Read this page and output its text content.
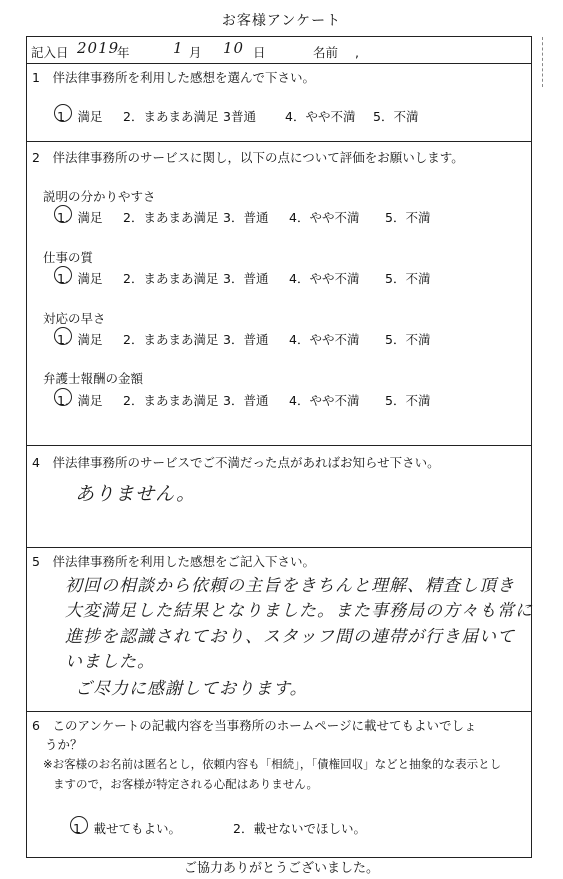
お客様アンケート
記入日 2019
年	1 月 10 日	名前 ,
1　伴法律事務所を利用した感想を選んで下さい。
1　満足 2．まあまあ満足 3普通 4．やや不満 5．不満
2　伴法律事務所のサービスに関し，以下の点について評価をお願いします。
説明の分かりやすさ
1．満足 2．まあまあ満足 3．普通 4．やや不満 5．不満
仕事の質
1．満足 2．まあまあ満足 3．普通 4．やや不満 5．不満
対応の早さ
1．満足 2．まあまあ満足 3．普通 4．やや不満 5．不満
弁護士報酬の金額
1．満足 2．まあまあ満足 3．普通 4．やや不満 5．不満
4　伴法律事務所のサービスでご不満だった点があればお知らせ下さい。
ありません。
5　伴法律事務所を利用した感想をご記入下さい。
初回の相談から依頼の主旨をきちんと理解、精査し頂き
大変満足した結果となりました。また事務局の方々も常に
進捗を認識されており、スタッフ間の連帯が行き届いて
いました。
ご尽力に感謝しております。
6　このアンケートの記載内容を当事務所のホームページに載せてもよいでしょ
うか？
※お客様のお名前は匿名とし，依頼内容も「相続」，「債権回収」などと抽象的な表示とし
ますので，お客様が特定される心配はありません。
1　載せてもよい。	2．載せないでほしい。
ご協力ありがとうございました。
